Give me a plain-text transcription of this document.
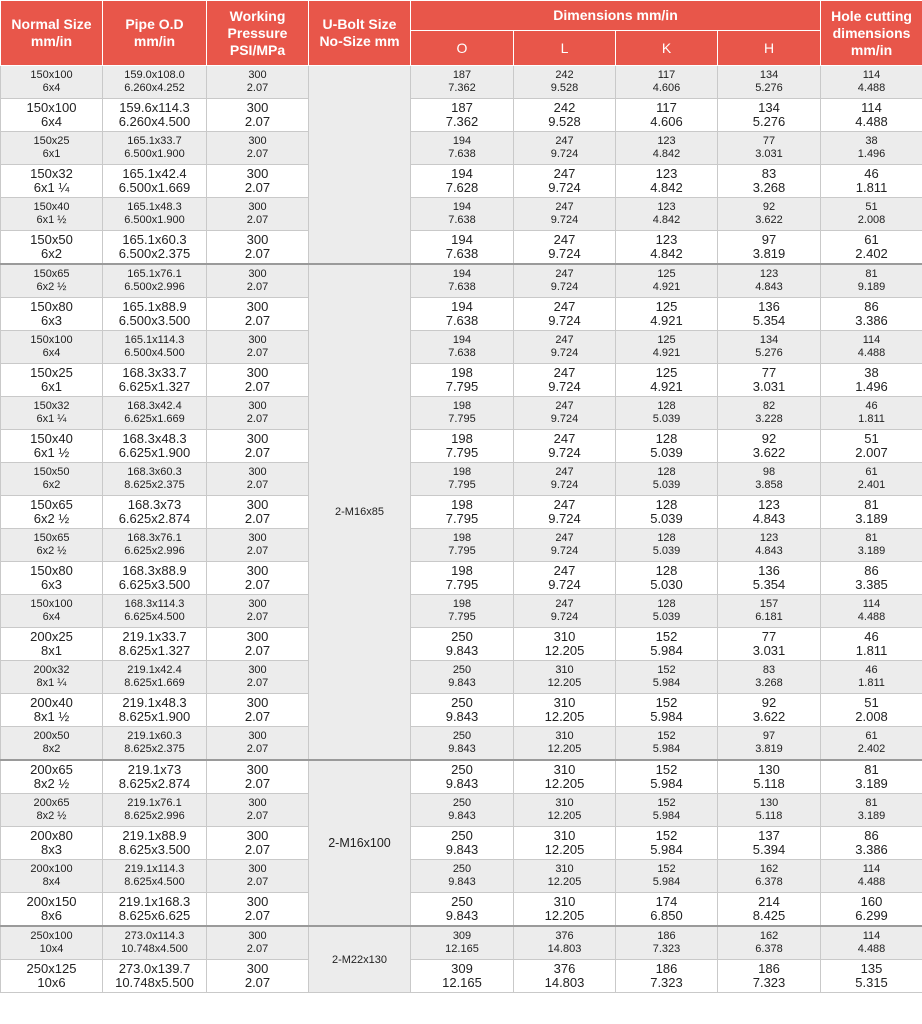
Normal Size
mm/in	Pipe O.D
mm/in	Working
Pressure
PSI/MPa	U-Bolt Size
No-Size mm	Dimensions mm/in				Hole cutting
dimensions
mm/in
				O	L	K	H	

150x100
6x4	159.0x108.0
6.260x4.252	300
2.07		187
7.362	242
9.528	117
4.606	134
5.276	114
4.488

150x100
6x4	159.6x114.3
6.260x4.500	300
2.07		187
7.362	242
9.528	117
4.606	134
5.276	114
4.488

150x25
6x1	165.1x33.7
6.500x1.900	300
2.07		194
7.638	247
9.724	123
4.842	77
3.031	38
1.496

150x32
6x1 ¼	165.1x42.4
6.500x1.669	300
2.07		194
7.628	247
9.724	123
4.842	83
3.268	46
1.811

150x40
6x1 ½	165.1x48.3
6.500x1.900	300
2.07		194
7.638	247
9.724	123
4.842	92
3.622	51
2.008

150x50
6x2	165.1x60.3
6.500x2.375	300
2.07		194
7.638	247
9.724	123
4.842	97
3.819	61
2.402

150x65
6x2 ½	165.1x76.1
6.500x2.996	300
2.07	2-M16x85	194
7.638	247
9.724	125
4.921	123
4.843	81
9.189

150x80
6x3	165.1x88.9
6.500x3.500	300
2.07		194
7.638	247
9.724	125
4.921	136
5.354	86
3.386

150x100
6x4	165.1x114.3
6.500x4.500	300
2.07		194
7.638	247
9.724	125
4.921	134
5.276	114
4.488

150x25
6x1	168.3x33.7
6.625x1.327	300
2.07		198
7.795	247
9.724	125
4.921	77
3.031	38
1.496

150x32
6x1 ¼	168.3x42.4
6.625x1.669	300
2.07		198
7.795	247
9.724	128
5.039	82
3.228	46
1.811

150x40
6x1 ½	168.3x48.3
6.625x1.900	300
2.07		198
7.795	247
9.724	128
5.039	92
3.622	51
2.007

150x50
6x2	168.3x60.3
8.625x2.375	300
2.07		198
7.795	247
9.724	128
5.039	98
3.858	61
2.401

150x65
6x2 ½	168.3x73
6.625x2.874	300
2.07		198
7.795	247
9.724	128
5.039	123
4.843	81
3.189

150x65
6x2 ½	168.3x76.1
6.625x2.996	300
2.07		198
7.795	247
9.724	128
5.039	123
4.843	81
3.189

150x80
6x3	168.3x88.9
6.625x3.500	300
2.07		198
7.795	247
9.724	128
5.030	136
5.354	86
3.385

150x100
6x4	168.3x114.3
6.625x4.500	300
2.07		198
7.795	247
9.724	128
5.039	157
6.181	114
4.488

200x25
8x1	219.1x33.7
8.625x1.327	300
2.07		250
9.843	310
12.205	152
5.984	77
3.031	46
1.811

200x32
8x1 ¼	219.1x42.4
8.625x1.669	300
2.07		250
9.843	310
12.205	152
5.984	83
3.268	46
1.811

200x40
8x1 ½	219.1x48.3
8.625x1.900	300
2.07		250
9.843	310
12.205	152
5.984	92
3.622	51
2.008

200x50
8x2	219.1x60.3
8.625x2.375	300
2.07		250
9.843	310
12.205	152
5.984	97
3.819	61
2.402

200x65
8x2 ½	219.1x73
8.625x2.874	300
2.07	2-M16x100	250
9.843	310
12.205	152
5.984	130
5.118	81
3.189

200x65
8x2 ½	219.1x76.1
8.625x2.996	300
2.07		250
9.843	310
12.205	152
5.984	130
5.118	81
3.189

200x80
8x3	219.1x88.9
8.625x3.500	300
2.07		250
9.843	310
12.205	152
5.984	137
5.394	86
3.386

200x100
8x4	219.1x114.3
8.625x4.500	300
2.07		250
9.843	310
12.205	152
5.984	162
6.378	114
4.488

200x150
8x6	219.1x168.3
8.625x6.625	300
2.07		250
9.843	310
12.205	174
6.850	214
8.425	160
6.299

250x100
10x4	273.0x114.3
10.748x4.500	300
2.07	2-M22x130	309
12.165	376
14.803	186
7.323	162
6.378	114
4.488

250x125
10x6	273.0x139.7
10.748x5.500	300
2.07		309
12.165	376
14.803	186
7.323	186
7.323	135
5.315
